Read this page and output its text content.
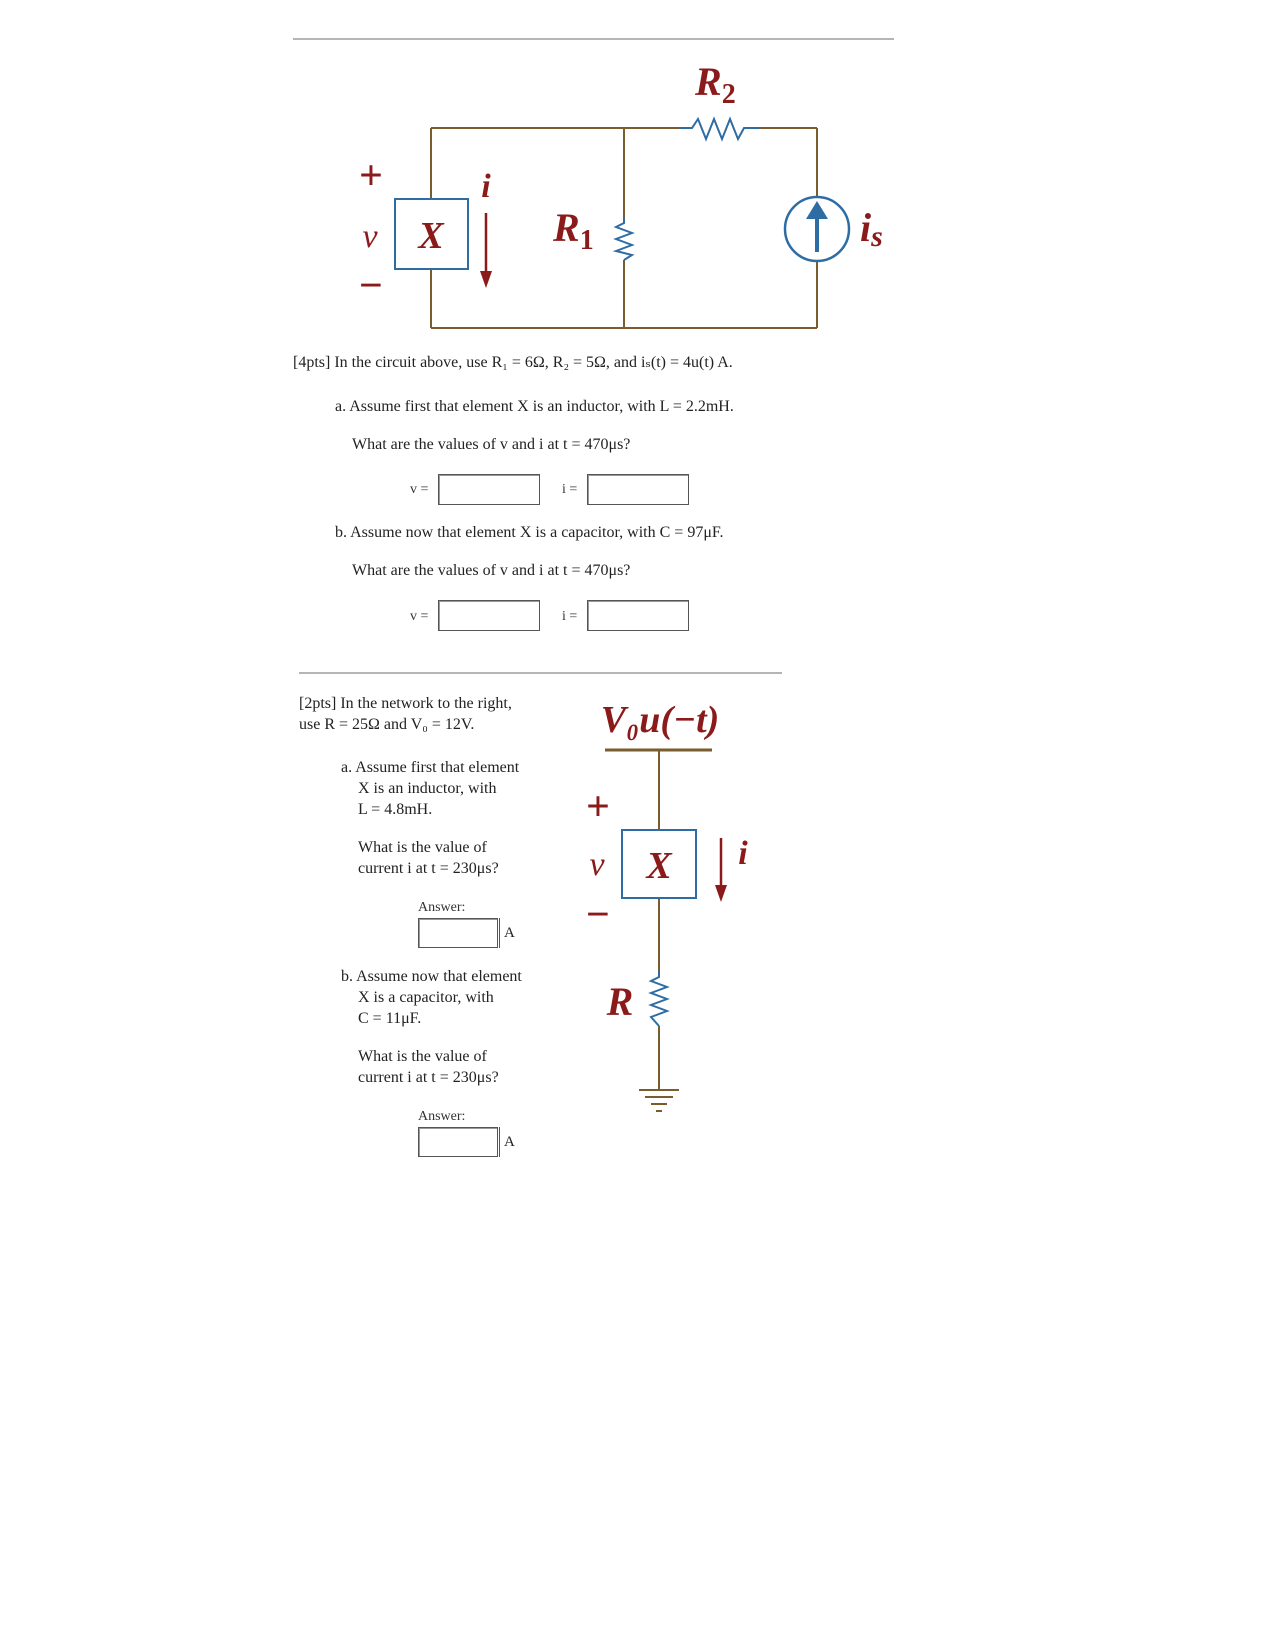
X
i
+
v
−
$R_1$
$R_2$
is
[4pts] In the circuit above, use R₁ = 6Ω, R₂ = 5Ω, and iₛ(t) = 4u(t) A.
a. Assume first that element X is an inductor, with L = 2.2mH.
What are the values of v and i at t = 470μs?
v =	i =
b. Assume now that element X is a capacitor, with C = 97μF.
What are the values of v and i at t = 470μs?
v =	i =
[2pts] In the network to the right,
use R = 25Ω and V₀ = 12V.
a. Assume first that element
X is an inductor, with
L = 4.8mH.
What is the value of
current i at t = 230μs?
Answer:
A
b. Assume now that element
X is a capacitor, with
C = 11μF.
What is the value of
current i at t = 230μs?
Answer:
A
V₀u(−t)
X
+
v
−
i
R
